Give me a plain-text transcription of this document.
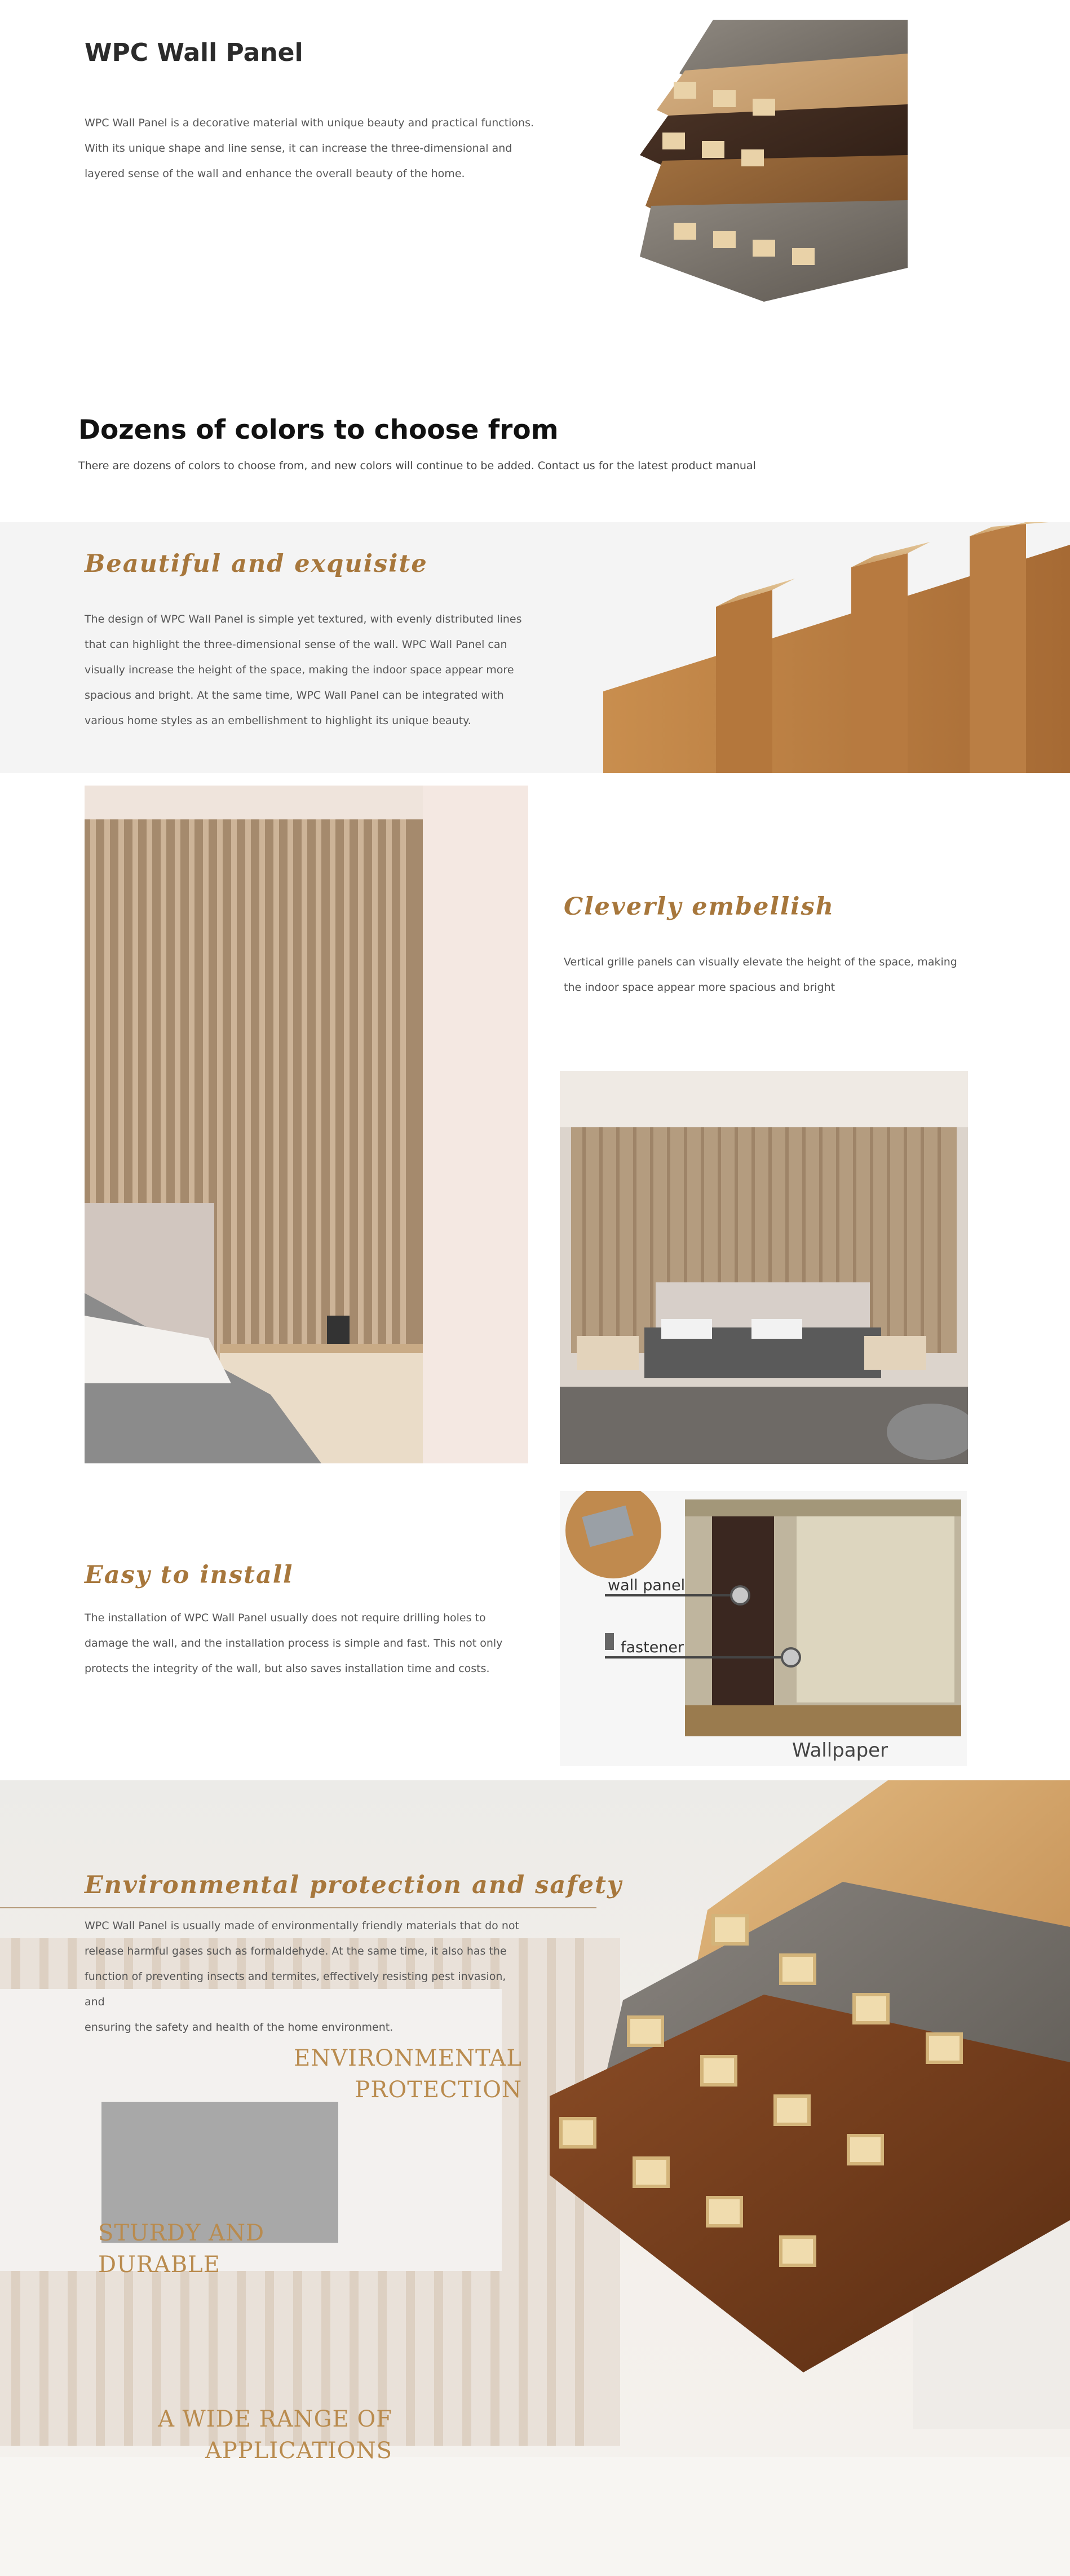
WPC Wall Panel
WPC Wall Panel is a decorative material with unique beauty and practical functions.
With its unique shape and line sense, it can increase the three-dimensional and
layered sense of the wall and enhance the overall beauty of the home.
Dozens of colors to choose from

There are dozens of colors to choose from, and new colors will continue to be added. Contact us for the latest product manual

Beautiful and exquisite
The design of WPC Wall Panel is simple yet textured, with evenly distributed lines
that can highlight the three-dimensional sense of the wall. WPC Wall Panel can
visually increase the height of the space, making the indoor space appear more
spacious and bright. At the same time, WPC Wall Panel can be integrated with
various home styles as an embellishment to highlight its unique beauty.
Cleverly embellish
Vertical grille panels can visually elevate the height of the space, making
the indoor space appear more spacious and bright
Easy to install
The installation of WPC Wall Panel usually does not require drilling holes to
damage the wall, and the installation process is simple and fast. This not only
protects the integrity of the wall, but also saves installation time and costs.
wall panel
fastener
Wallpaper
Environmental protection and safety
WPC Wall Panel is usually made of environmentally friendly materials that do not
release harmful gases such as formaldehyde. At the same time, it also has the
function of preventing insects and termites, effectively resisting pest invasion, and
ensuring the safety and health of the home environment.
ENVIRONMENTAL
PROTECTION
STURDY AND
DURABLE
A WIDE RANGE OF
APPLICATIONS
